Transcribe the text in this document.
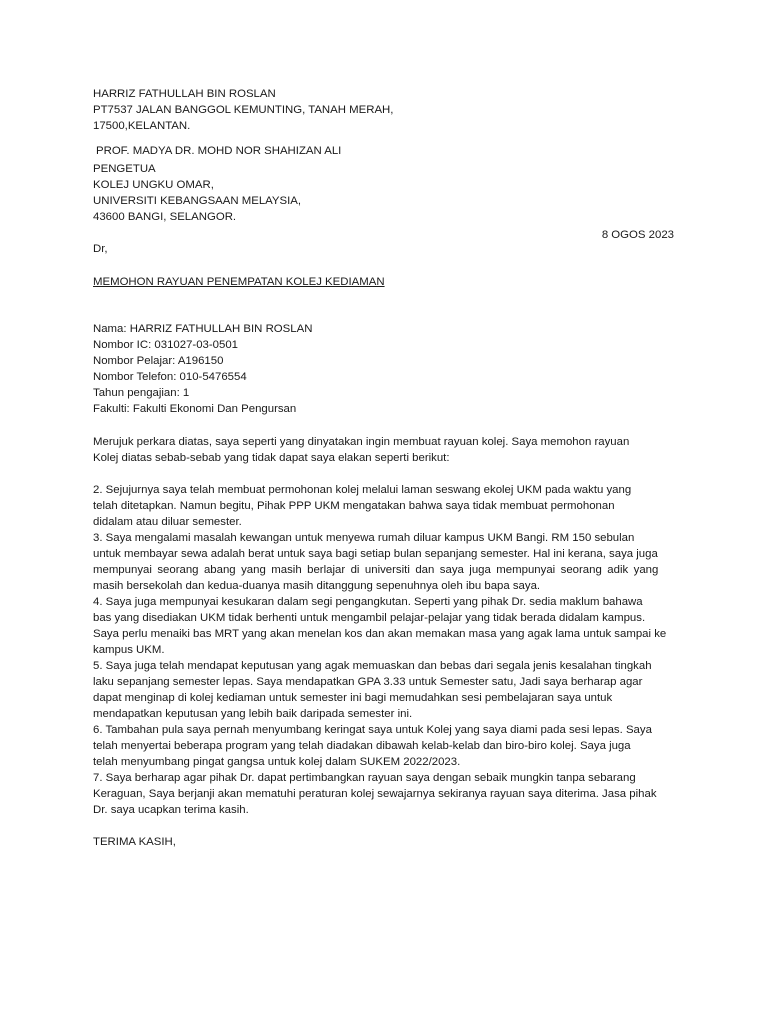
HARRIZ FATHULLAH BIN ROSLAN
PT7537 JALAN BANGGOL KEMUNTING, TANAH MERAH,
17500,KELANTAN.
PROF. MADYA DR. MOHD NOR SHAHIZAN ALI
PENGETUA
KOLEJ UNGKU OMAR,
UNIVERSITI KEBANGSAAN MELAYSIA,
43600 BANGI, SELANGOR.
8 OGOS 2023
Dr,
MEMOHON RAYUAN PENEMPATAN KOLEJ KEDIAMAN
Nama: HARRIZ FATHULLAH BIN ROSLAN
Nombor IC: 031027-03-0501
Nombor Pelajar: A196150
Nombor Telefon: 010-5476554
Tahun pengajian: 1
Fakulti: Fakulti Ekonomi Dan Pengursan
Merujuk perkara diatas, saya seperti yang dinyatakan ingin membuat rayuan kolej. Saya memohon rayuan
Kolej diatas sebab-sebab yang tidak dapat saya elakan seperti berikut:
2. Sejujurnya saya telah membuat permohonan kolej melalui laman seswang ekolej UKM pada waktu yang
telah ditetapkan. Namun begitu, Pihak PPP UKM mengatakan bahwa saya tidak membuat permohonan
didalam atau diluar semester.
3. Saya mengalami masalah kewangan untuk menyewa rumah diluar kampus UKM Bangi. RM 150 sebulan
untuk membayar sewa adalah berat untuk saya bagi setiap bulan sepanjang semester. Hal ini kerana, saya juga
mempunyai seorang abang yang masih berlajar di universiti dan saya juga mempunyai seorang adik yang
masih bersekolah dan kedua-duanya masih ditanggung sepenuhnya oleh ibu bapa saya.
4. Saya juga mempunyai kesukaran dalam segi pengangkutan. Seperti yang pihak Dr. sedia maklum bahawa
bas yang disediakan UKM tidak berhenti untuk mengambil pelajar-pelajar yang tidak berada didalam kampus.
Saya perlu menaiki bas MRT yang akan menelan kos dan akan memakan masa yang agak lama untuk sampai ke
kampus UKM.
5. Saya juga telah mendapat keputusan yang agak memuaskan dan bebas dari segala jenis kesalahan tingkah
laku sepanjang semester lepas. Saya mendapatkan GPA 3.33 untuk Semester satu, Jadi saya berharap agar
dapat menginap di kolej kediaman untuk semester ini bagi memudahkan sesi pembelajaran saya untuk
mendapatkan keputusan yang lebih baik daripada semester ini.
6. Tambahan pula saya pernah menyumbang keringat saya untuk Kolej yang saya diami pada sesi lepas. Saya
telah menyertai beberapa program yang telah diadakan dibawah kelab-kelab dan biro-biro kolej. Saya juga
telah menyumbang pingat gangsa untuk kolej dalam SUKEM 2022/2023.
7. Saya berharap agar pihak Dr. dapat pertimbangkan rayuan saya dengan sebaik mungkin tanpa sebarang
Keraguan, Saya berjanji akan mematuhi peraturan kolej sewajarnya sekiranya rayuan saya diterima. Jasa pihak
Dr. saya ucapkan terima kasih.
TERIMA KASIH,
